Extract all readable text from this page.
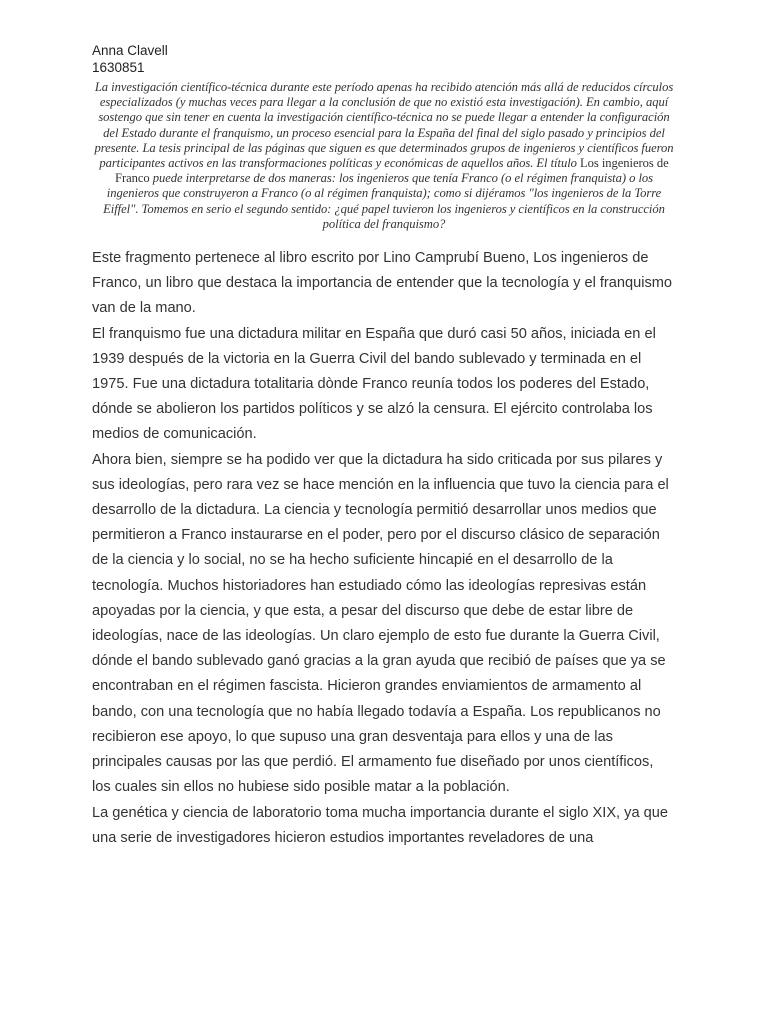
Anna Clavell
1630851
La investigación científico-técnica durante este período apenas ha recibido atención más allá de reducidos círculos especializados (y muchas veces para llegar a la conclusión de que no existió esta investigación). En cambio, aquí sostengo que sin tener en cuenta la investigación científico-técnica no se puede llegar a entender la configuración del Estado durante el franquismo, un proceso esencial para la España del final del siglo pasado y principios del presente. La tesis principal de las páginas que siguen es que determinados grupos de ingenieros y científicos fueron participantes activos en las transformaciones políticas y económicas de aquellos años. El título Los ingenieros de Franco puede interpretarse de dos maneras: los ingenieros que tenía Franco (o el régimen franquista) o los ingenieros que construyeron a Franco (o al régimen franquista); como si dijéramos "los ingenieros de la Torre Eiffel". Tomemos en serio el segundo sentido: ¿qué papel tuvieron los ingenieros y científicos en la construcción política del franquismo?

Este fragmento pertenece al libro escrito por Lino Camprubí Bueno, Los ingenieros de Franco, un libro que destaca la importancia de entender que la tecnología y el franquismo van de la mano.

El franquismo fue una dictadura militar en España que duró casi 50 años, iniciada en el 1939 después de la victoria en la Guerra Civil del bando sublevado y terminada en el 1975. Fue una dictadura totalitaria dònde Franco reunía todos los poderes del Estado, dónde se abolieron los partidos políticos y se alzó la censura. El ejército controlaba los medios de comunicación.

Ahora bien, siempre se ha podido ver que la dictadura ha sido criticada por sus pilares y sus ideologías, pero rara vez se hace mención en la influencia que tuvo la ciencia para el desarrollo de la dictadura. La ciencia y tecnología permitió desarrollar unos medios que permitieron a Franco instaurarse en el poder, pero por el discurso clásico de separación de la ciencia y lo social, no se ha hecho suficiente hincapié en el desarrollo de la tecnología. Muchos historiadores han estudiado cómo las ideologías represivas están apoyadas por la ciencia, y que esta, a pesar del discurso que debe de estar libre de ideologías, nace de las ideologías. Un claro ejemplo de esto fue durante la Guerra Civil, dónde el bando sublevado ganó gracias a la gran ayuda que recibió de países que ya se encontraban en el régimen fascista. Hicieron grandes enviamientos de armamento al bando, con una tecnología que no había llegado todavía a España. Los republicanos no recibieron ese apoyo, lo que supuso una gran desventaja para ellos y una de las principales causas por las que perdió. El armamento fue diseñado por unos científicos, los cuales sin ellos no hubiese sido posible matar a la población.

La genética y ciencia de laboratorio toma mucha importancia durante el siglo XIX, ya que una serie de investigadores hicieron estudios importantes reveladores de una
